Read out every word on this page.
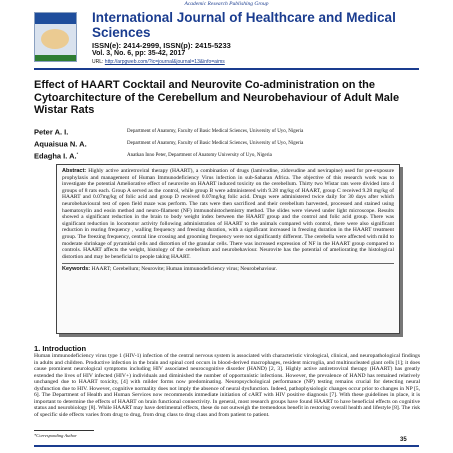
Academic Research Publishing Group
International Journal of Healthcare and Medical Sciences
ISSN(e): 2414-2999, ISSN(p): 2415-5233
Vol. 3, No. 6, pp: 35-42, 2017
URL: http://arpgweb.com/?ic=journal&journal=13&info=aims
Effect of HAART Cocktail and Neurovite Co-administration on the Cytoarchitecture of the Cerebellum and Neurobehaviour of Adult Male Wistar Rats
Peter A. I.	Department of Anatomy, Faculty of Basic Medical Sciences, University of Uyo, Nigeria
Aquaisua N. A.	Department of Anatomy, Faculty of Basic Medical Sciences, University of Uyo, Nigeria
Edagha I. A.*	Anatkan Inno Peter, Department of Anatomy University of Uyo, Nigeria
Abstract: Highly active antiretroviral therapy (HAART), a combination of drugs (lamivudine, zidovudine and nevirapine) used for pre-exposure prophylaxis and management of Human Immunodeficiency Virus infection in sub-Saharan Africa. The objective of this research work was to investigate the potential Ameliorative effect of neurovite on HAART induced toxicity on the cerebellum. Thirty two Wistar rats were divided into 4 groups of 8 rats each. Group A served as the control, while group B were administered with 9.28 mg/kg of HAART, group C received 9.28 mg/kg of HAART and 0.07mg/kg of folic acid and group D received 0.07mg/kg folic acid. Drugs were administered twice daily for 30 days after which neurobehavioural test of open field maze was perform. The rats were then sacrificed and their cerebellum harvested, processed and stained using haematoxylin and eosin method and neuro-filament (NF) immunohistochemistry method. The slides were viewed under light microscope. Results showed a significant reduction in the brain to body weight index between the HAART group and the control and folic acid group. There was significant reduction in locomotor activity following administration of HAART to the animals compared with control, there were also significant reduction in rearing frequency , walling frequency and freezing duration, with a significant increased in freezing duration in the HAART treatment group. The freezing frequency, central line crossing and grooming frequency were not significantly different. The cerebella were affected with mild to moderate shrinkage of pyramidal cells and distortion of the granular cells. There was increased expression of NF in the HAART group compared to controls. HAART affects the weight, histology of the cerebellum and neurobehaviour. Neurovite has the potential of ameliorating the histological distortion and may be beneficial to people taking HAART.
Keywords: HAART; Cerebellum; Neurovite; Human immunodeficiency virus; Neurobehaviour.
1. Introduction
Human immunodeficiency virus type 1 (HIV-1) infection of the central nervous system is associated with characteristic virological, clinical, and neuropathological findings in adults and children. Productive infection in the brain and spinal cord occurs in blood-derived macrophages, resident microglia, and multinucleated giant cells [1]; it does cause prominent neurological symptoms including HIV associated neurocognitive disorder (HAND) [2, 3]. Highly active antiretroviral therapy (HAART) has greatly extended the lives of HIV infected (HIV+) individuals and diminished the number of opportunistic infections. However, the prevalence of HAND has remained relatively unchanged due to HAART toxicity, [4] with milder forms now predominating. Neuropsychological performance (NP) testing remains crucial for detecting neural dysfunction due to HIV. However, cognitive normality does not imply the absence of neural dysfunction. Indeed, pathophysiologic changes occur prior to changes in NP [5, 6]. The Department of Health and Human Services now recommends immediate initiation of cART with HIV positive diagnosis [7]. With these guidelines in place, it is important to determine the effects of HAART on brain functional connectivity. In general, most research groups have found HAART to have beneficial effects on cognitive status and neurobiology [8]. While HAART may have detrimental effects, these do not outweigh the tremendous benefit in restoring overall health and lifestyle [8]. The risk of specific side effects varies from drug to drug, from drug class to drug class and from patient to patient.
*Corresponding Author
35
